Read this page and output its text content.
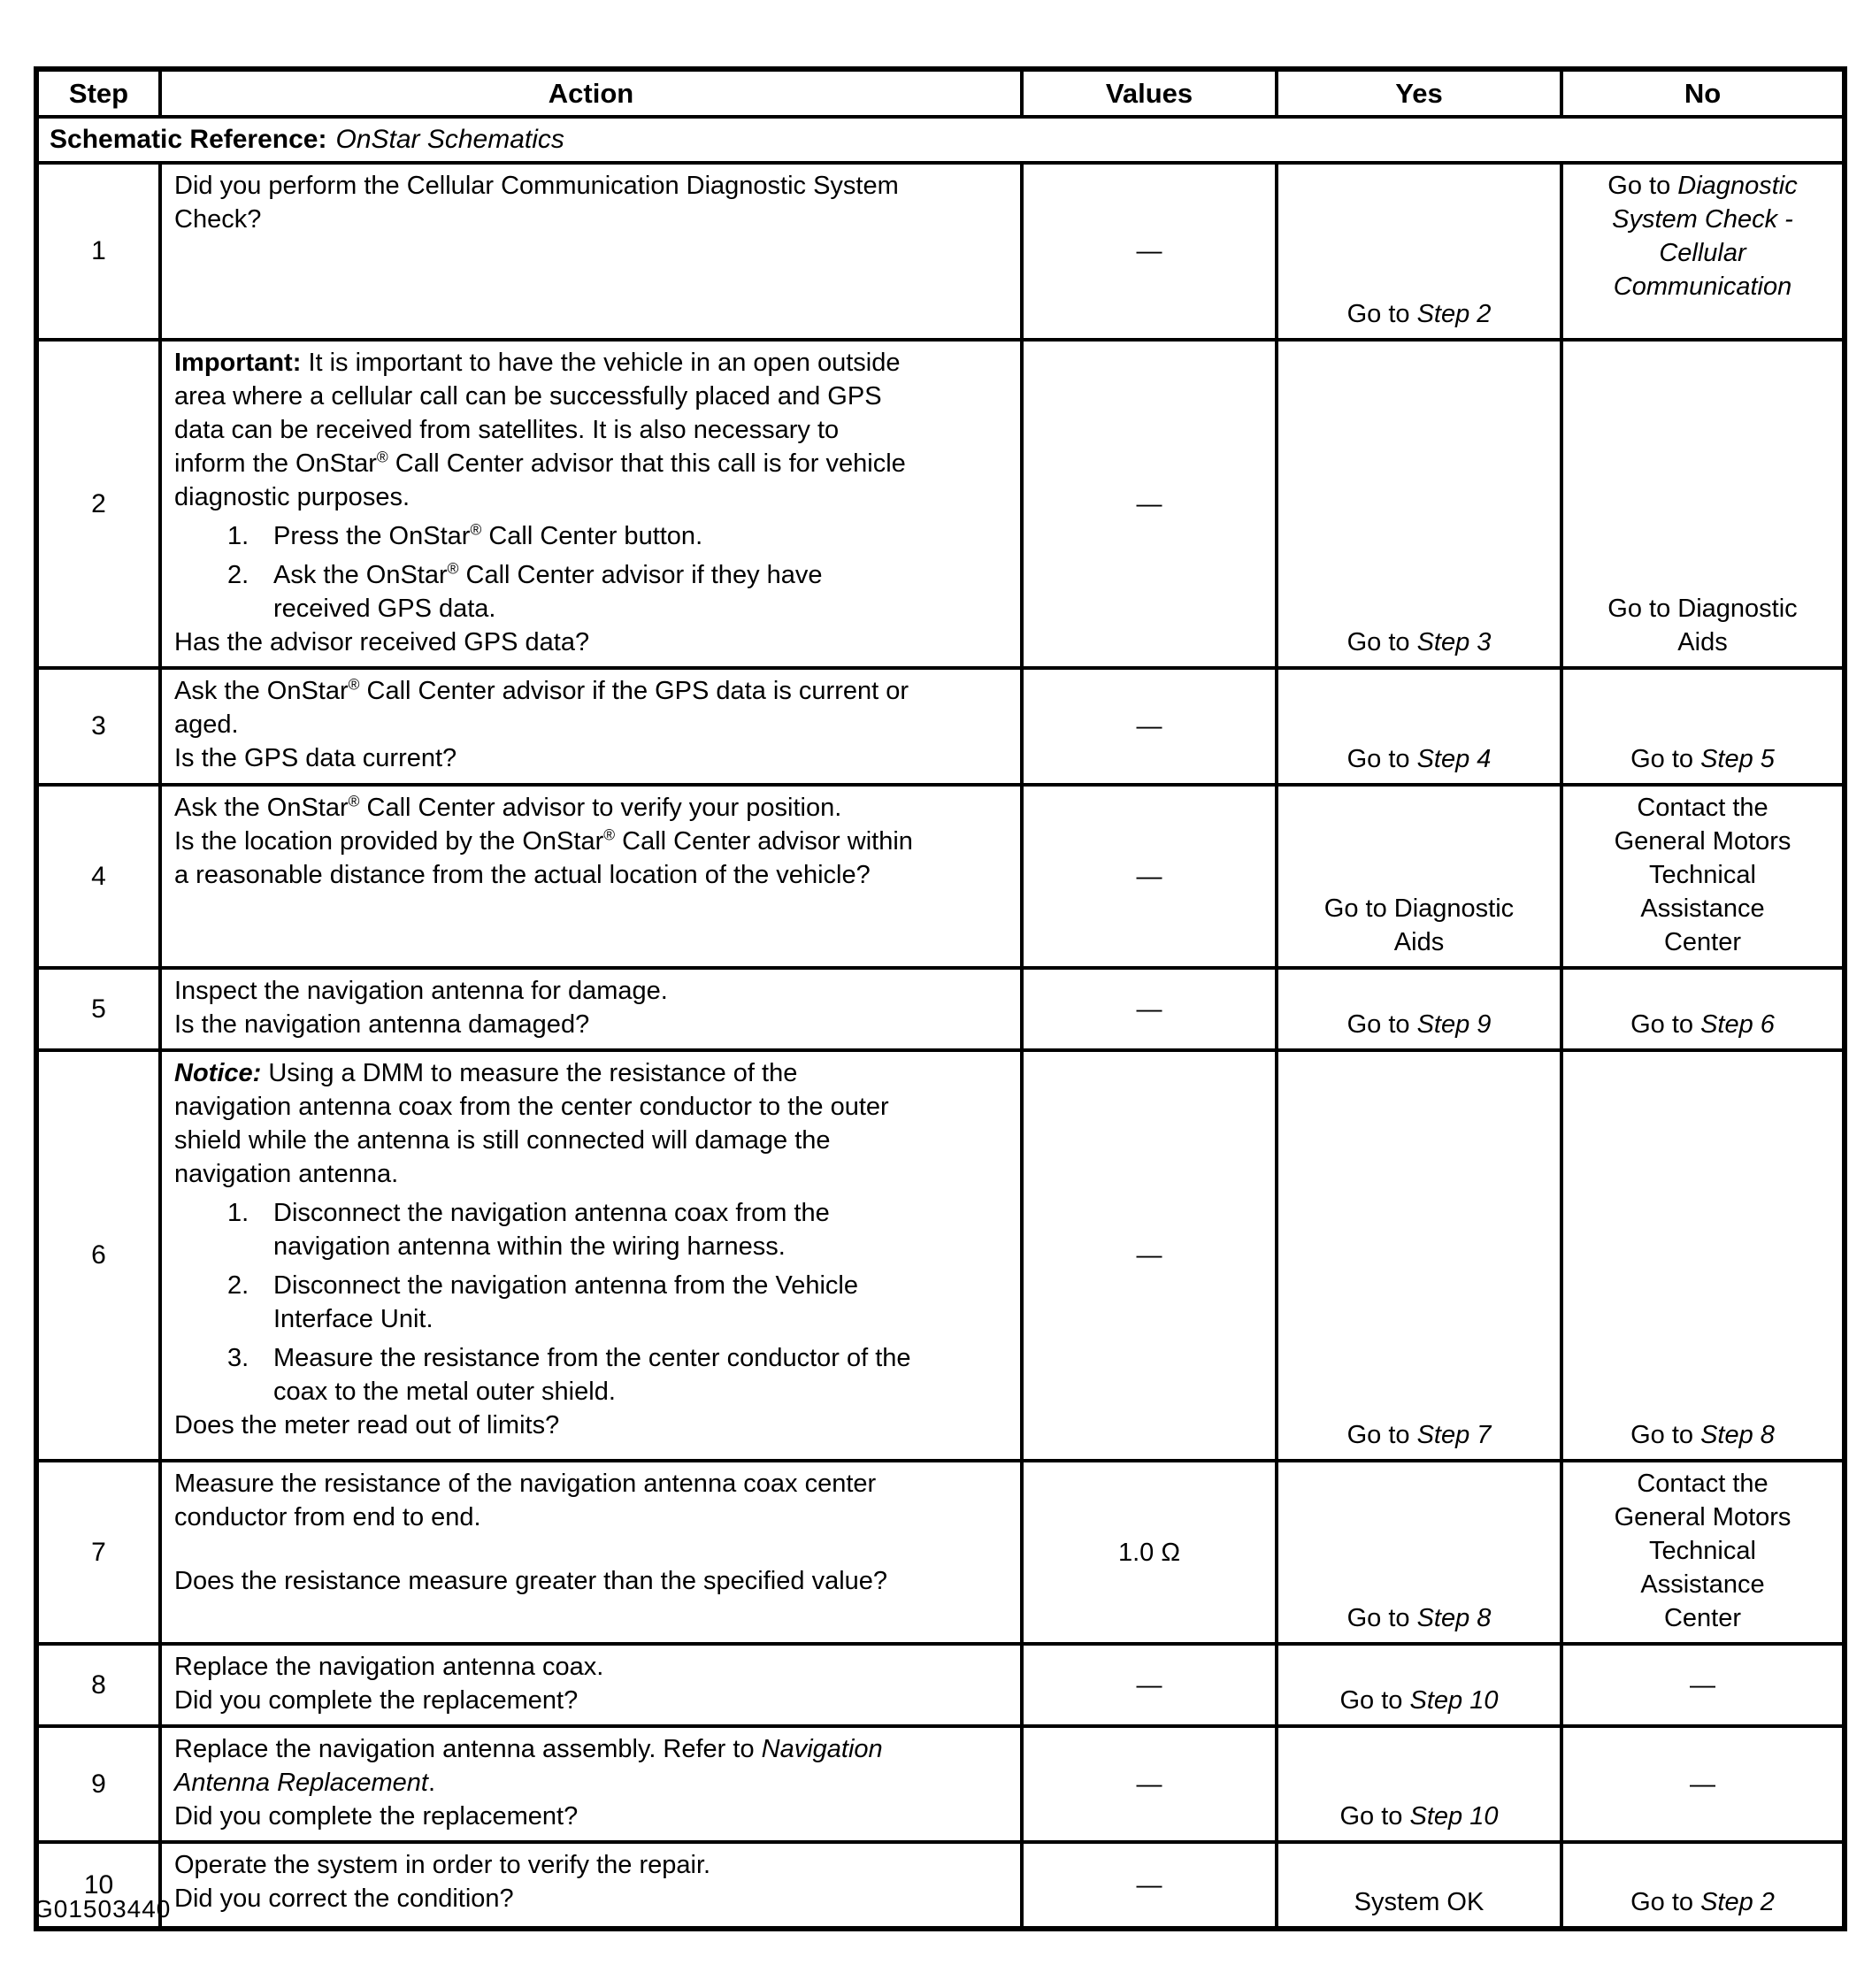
Step	Action	Values	Yes	No
Schematic Reference: OnStar Schematics				
1	Did you perform the Cellular Communication Diagnostic System Check?	—	Go to Step 2	Go to Diagnostic System Check - Cellular Communication
2	Important: It is important to have the vehicle in an open outside area where a cellular call can be successfully placed and GPS data can be received from satellites. It is also necessary to inform the OnStar® Call Center advisor that this call is for vehicle diagnostic purposes.
1. Press the OnStar® Call Center button.
2. Ask the OnStar® Call Center advisor if they have received GPS data.
Has the advisor received GPS data?	—	Go to Step 3	Go to Diagnostic Aids
3	Ask the OnStar® Call Center advisor if the GPS data is current or aged.
Is the GPS data current?	—	Go to Step 4	Go to Step 5
4	Ask the OnStar® Call Center advisor to verify your position.
Is the location provided by the OnStar® Call Center advisor within a reasonable distance from the actual location of the vehicle?	—	Go to Diagnostic Aids	Contact the General Motors Technical Assistance Center
5	Inspect the navigation antenna for damage.
Is the navigation antenna damaged?	—	Go to Step 9	Go to Step 6
6	Notice: Using a DMM to measure the resistance of the navigation antenna coax from the center conductor to the outer shield while the antenna is still connected will damage the navigation antenna.
1. Disconnect the navigation antenna coax from the navigation antenna within the wiring harness.
2. Disconnect the navigation antenna from the Vehicle Interface Unit.
3. Measure the resistance from the center conductor of the coax to the metal outer shield.
Does the meter read out of limits?	—	Go to Step 7	Go to Step 8
7	Measure the resistance of the navigation antenna coax center conductor from end to end.
Does the resistance measure greater than the specified value?	1.0 Ω	Go to Step 8	Contact the General Motors Technical Assistance Center
8	Replace the navigation antenna coax.
Did you complete the replacement?	—	Go to Step 10	—
9	Replace the navigation antenna assembly. Refer to Navigation Antenna Replacement.
Did you complete the replacement?	—	Go to Step 10	—
10	Operate the system in order to verify the repair.
Did you correct the condition?	—	System OK	Go to Step 2
G01503440
